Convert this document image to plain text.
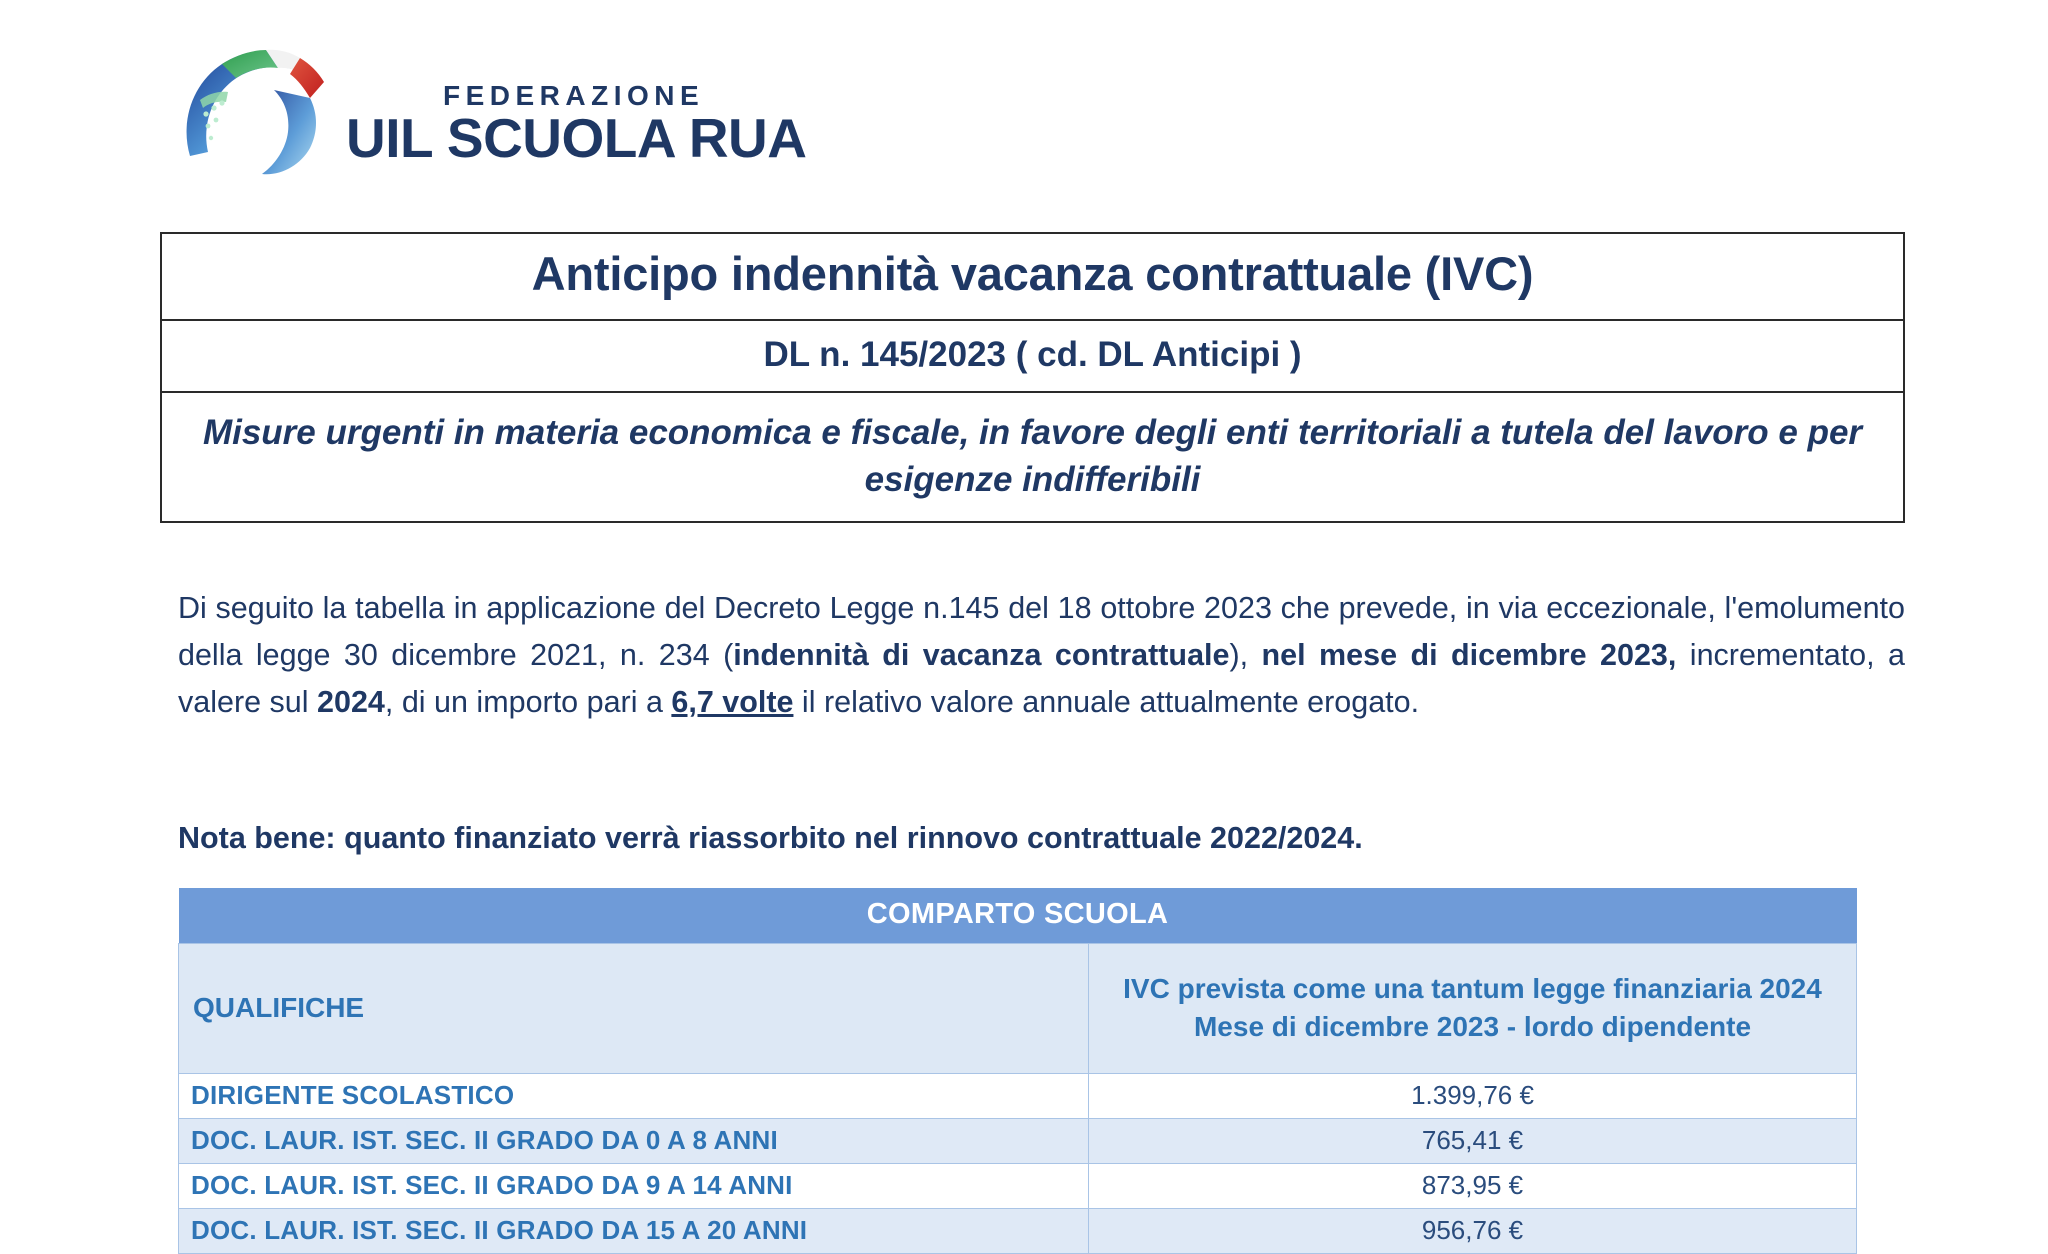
FEDERAZIONE
UIL SCUOLA RUA
Anticipo indennità vacanza contrattuale (IVC)
DL n. 145/2023 ( cd. DL Anticipi )
Misure urgenti in materia economica e fiscale, in favore degli enti territoriali a tutela del lavoro e per esigenze indifferibili
Di seguito la tabella in applicazione del Decreto Legge n.145 del 18 ottobre 2023 che prevede, in via eccezionale, l'emolumento della legge 30 dicembre 2021, n. 234 (indennità di vacanza contrattuale), nel mese di dicembre 2023, incrementato, a valere sul 2024, di un importo pari a 6,7 volte il relativo valore annuale attualmente erogato.
Nota bene: quanto finanziato verrà riassorbito nel rinnovo contrattuale 2022/2024.
COMPARTO SCUOLA	
QUALIFICHE	IVC prevista come una tantum legge finanziaria 2024
Mese di dicembre 2023 - lordo dipendente

DIRIGENTE SCOLASTICO	1.399,76 €
DOC. LAUR. IST. SEC. II GRADO DA 0 A 8 ANNI	765,41 €
DOC. LAUR. IST. SEC. II GRADO DA 9 A 14 ANNI	873,95 €
DOC. LAUR. IST. SEC. II GRADO DA 15 A 20 ANNI	956,76 €
